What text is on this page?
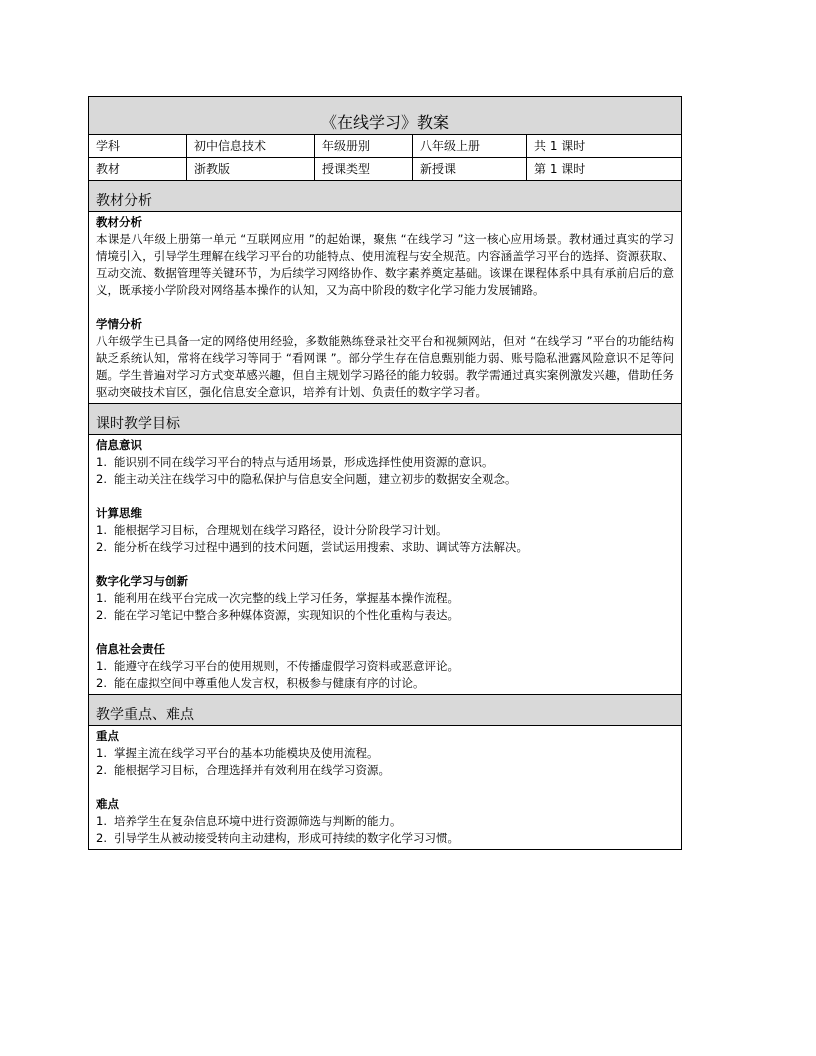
《在线学习》教案
学科	初中信息技术	年级册别	八年级上册	共 1 课时
教材	浙教版	授课类型	新授课	第 1 课时
教材分析
教材分析

本课是八年级上册第一单元 “互联网应用 ”的起始课，聚焦 “在线学习 ”这一核心应用场景。教材通过真实的学习情境引入，引导学生理解在线学习平台的功能特点、使用流程与安全规范。内容涵盖学习平台的选择、资源获取、互动交流、数据管理等关键环节，为后续学习网络协作、数字素养奠定基础。该课在课程体系中具有承前启后的意义，既承接小学阶段对网络基本操作的认知，又为高中阶段的数字化学习能力发展铺路。

学情分析

八年级学生已具备一定的网络使用经验，多数能熟练登录社交平台和视频网站，但对 “在线学习 ”平台的功能结构缺乏系统认知，常将在线学习等同于 “看网课 ”。部分学生存在信息甄别能力弱、账号隐私泄露风险意识不足等问题。学生普遍对学习方式变革感兴趣，但自主规划学习路径的能力较弱。教学需通过真实案例激发兴趣，借助任务驱动突破技术盲区，强化信息安全意识，培养有计划、负责任的数字学习者。

课时教学目标
信息意识
1. 能识别不同在线学习平台的特点与适用场景，形成选择性使用资源的意识。
2. 能主动关注在线学习中的隐私保护与信息安全问题，建立初步的数据安全观念。
计算思维
1. 能根据学习目标，合理规划在线学习路径，设计分阶段学习计划。
2. 能分析在线学习过程中遇到的技术问题，尝试运用搜索、求助、调试等方法解决。
数字化学习与创新
1. 能利用在线平台完成一次完整的线上学习任务，掌握基本操作流程。
2. 能在学习笔记中整合多种媒体资源，实现知识的个性化重构与表达。
信息社会责任
1. 能遵守在线学习平台的使用规则，不传播虚假学习资料或恶意评论。
2. 能在虚拟空间中尊重他人发言权，积极参与健康有序的讨论。
教学重点、难点
重点
1. 掌握主流在线学习平台的基本功能模块及使用流程。
2. 能根据学习目标，合理选择并有效利用在线学习资源。
难点
1. 培养学生在复杂信息环境中进行资源筛选与判断的能力。
2. 引导学生从被动接受转向主动建构，形成可持续的数字化学习习惯。
